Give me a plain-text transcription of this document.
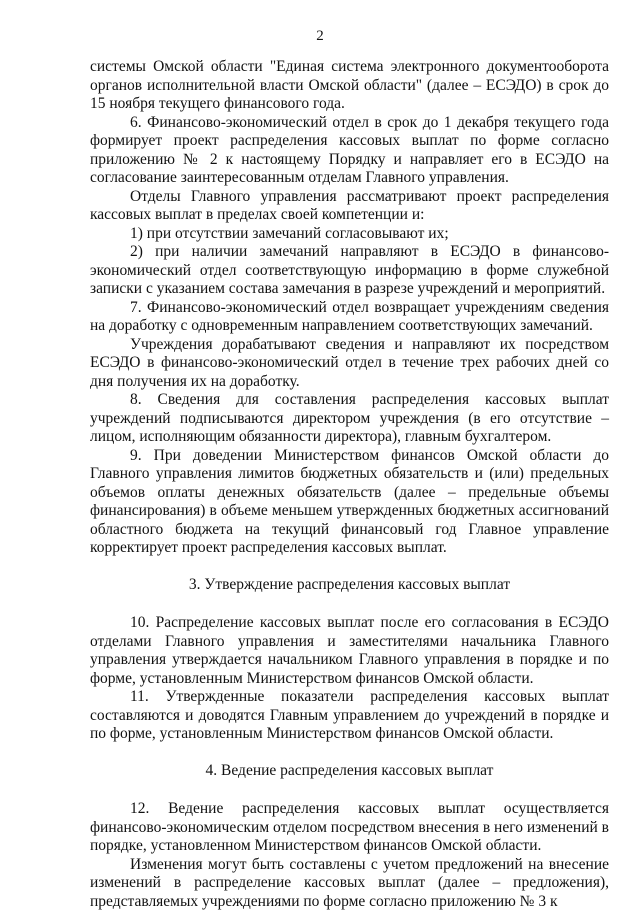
2

системы Омской области "Единая система электронного документооборота органов исполнительной власти Омской области" (далее – ЕСЭДО) в срок до 15 ноября текущего финансового года.

6. Финансово-экономический отдел в срок до 1 декабря текущего года формирует проект распределения кассовых выплат по форме согласно приложению № 2 к настоящему Порядку и направляет его в ЕСЭДО на согласование заинтересованным отделам Главного управления.

Отделы Главного управления рассматривают проект распределения кассовых выплат в пределах своей компетенции и:

1) при отсутствии замечаний согласовывают их;

2) при наличии замечаний направляют в ЕСЭДО в финансово-экономический отдел соответствующую информацию в форме служебной записки с указанием состава замечания в разрезе учреждений и мероприятий.

7. Финансово-экономический отдел возвращает учреждениям сведения на доработку с одновременным направлением соответствующих замечаний.

Учреждения дорабатывают сведения и направляют их посредством ЕСЭДО в финансово-экономический отдел в течение трех рабочих дней со дня получения их на доработку.

8. Сведения для составления распределения кассовых выплат учреждений подписываются директором учреждения (в его отсутствие – лицом, исполняющим обязанности директора), главным бухгалтером.

9. При доведении Министерством финансов Омской области до Главного управления лимитов бюджетных обязательств и (или) предельных объемов оплаты денежных обязательств (далее – предельные объемы финансирования) в объеме меньшем утвержденных бюджетных ассигнований областного бюджета на текущий финансовый год Главное управление корректирует проект распределения кассовых выплат.

3. Утверждение распределения кассовых выплат

10. Распределение кассовых выплат после его согласования в ЕСЭДО отделами Главного управления и заместителями начальника Главного управления утверждается начальником Главного управления в порядке и по форме, установленным Министерством финансов Омской области.

11. Утвержденные показатели распределения кассовых выплат составляются и доводятся Главным управлением до учреждений в порядке и по форме, установленным Министерством финансов Омской области.

4. Ведение распределения кассовых выплат

12. Ведение распределения кассовых выплат осуществляется финансово-экономическим отделом посредством внесения в него изменений в порядке, установленном Министерством финансов Омской области.

Изменения могут быть составлены с учетом предложений на внесение изменений в распределение кассовых выплат (далее – предложения), представляемых учреждениями по форме согласно приложению № 3 к
